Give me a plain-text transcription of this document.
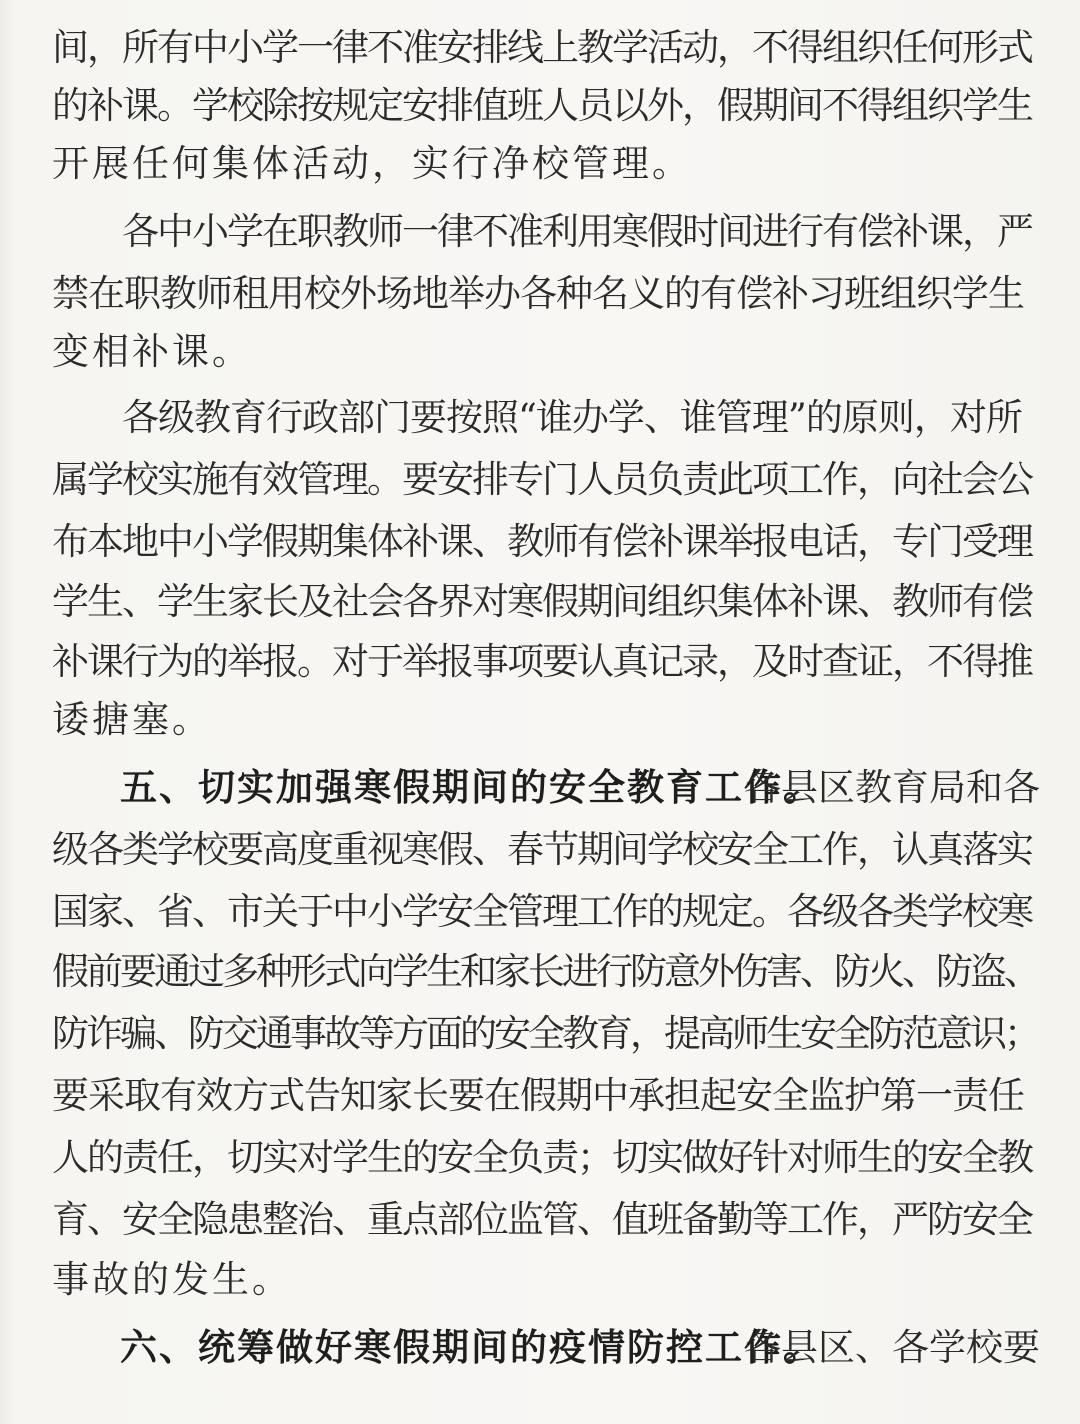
间，所有中小学一律不准安排线上教学活动，不得组织任何形式
的补课。学校除按规定安排值班人员以外，假期间不得组织学生
开展任何集体活动，实行净校管理。
各中小学在职教师一律不准利用寒假时间进行有偿补课，严
禁在职教师租用校外场地举办各种名义的有偿补习班组织学生
变相补课。
各级教育行政部门要按照“谁办学、谁管理”的原则，对所
属学校实施有效管理。要安排专门人员负责此项工作，向社会公
布本地中小学假期集体补课、教师有偿补课举报电话，专门受理
学生、学生家长及社会各界对寒假期间组织集体补课、教师有偿
补课行为的举报。对于举报事项要认真记录，及时查证，不得推
诿搪塞。
五、切实加强寒假期间的安全教育工作。
各县区教育局和各
级各类学校要高度重视寒假、春节期间学校安全工作，认真落实
国家、省、市关于中小学安全管理工作的规定。各级各类学校寒
假前要通过多种形式向学生和家长进行防意外伤害、防火、防盗、
防诈骗、防交通事故等方面的安全教育，提高师生安全防范意识；
要采取有效方式告知家长要在假期中承担起安全监护第一责任
人的责任，切实对学生的安全负责；切实做好针对师生的安全教
育、安全隐患整治、重点部位监管、值班备勤等工作，严防安全
事故的发生。
六、统筹做好寒假期间的疫情防控工作。
各县区、各学校要
